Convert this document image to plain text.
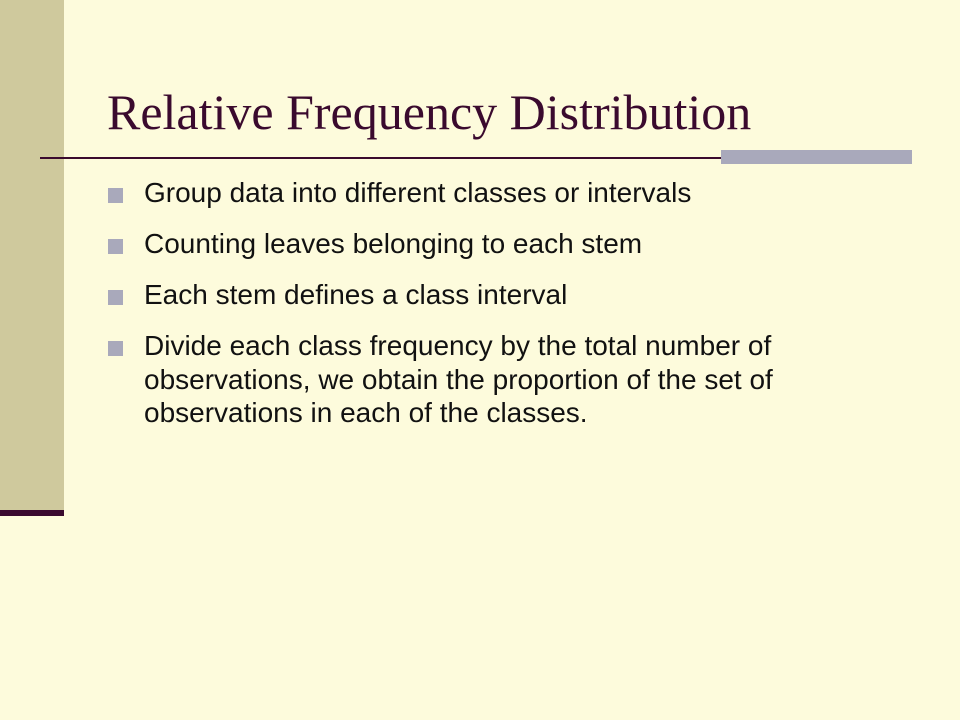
Relative Frequency Distribution
Group data into different classes or intervals
Counting leaves belonging to each stem
Each stem defines a class interval
Divide each class frequency by the total number of observations, we obtain the proportion of the set of observations in each of the classes.
